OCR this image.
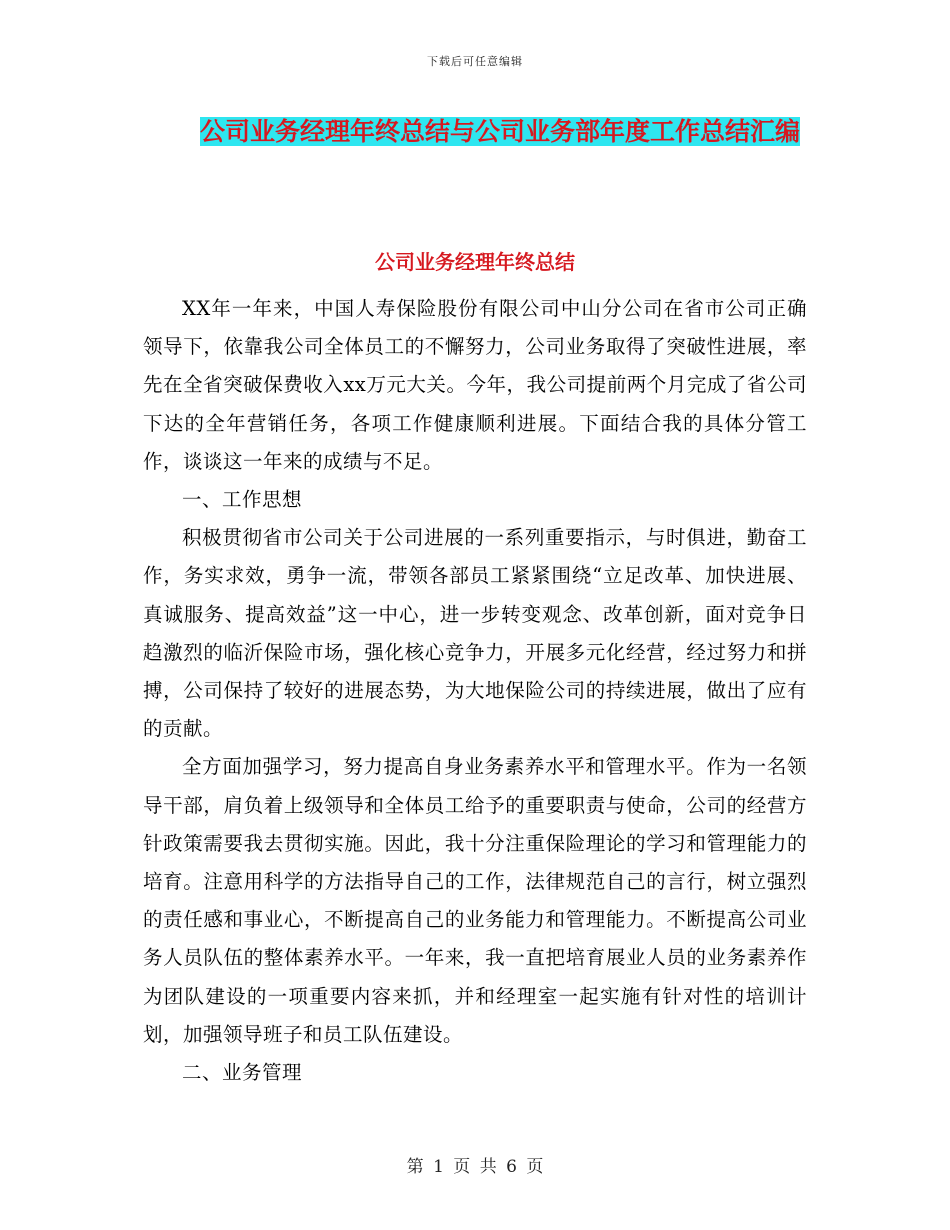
下载后可任意编辑
公司业务经理年终总结与公司业务部年度工作总结汇编
公司业务经理年终总结

XX年一年来，中国人寿保险股份有限公司中山分公司在省市公司正确领导下，依靠我公司全体员工的不懈努力，公司业务取得了突破性进展，率先在全省突破保费收入xx万元大关。今年，我公司提前两个月完成了省公司下达的全年营销任务，各项工作健康顺利进展。下面结合我的具体分管工作，谈谈这一年来的成绩与不足。

一、工作思想

积极贯彻省市公司关于公司进展的一系列重要指示，与时俱进，勤奋工作，务实求效，勇争一流，带领各部员工紧紧围绕“立足改革、加快进展、真诚服务、提高效益”这一中心，进一步转变观念、改革创新，面对竞争日趋激烈的临沂保险市场，强化核心竞争力，开展多元化经营，经过努力和拼搏，公司保持了较好的进展态势，为大地保险公司的持续进展，做出了应有的贡献。

全方面加强学习，努力提高自身业务素养水平和管理水平。作为一名领导干部，肩负着上级领导和全体员工给予的重要职责与使命，公司的经营方针政策需要我去贯彻实施。因此，我十分注重保险理论的学习和管理能力的培育。注意用科学的方法指导自己的工作，法律规范自己的言行，树立强烈的责任感和事业心，不断提高自己的业务能力和管理能力。不断提高公司业务人员队伍的整体素养水平。一年来，我一直把培育展业人员的业务素养作为团队建设的一项重要内容来抓，并和经理室一起实施有针对性的培训计划，加强领导班子和员工队伍建设。

二、业务管理

第 1 页 共 6 页
